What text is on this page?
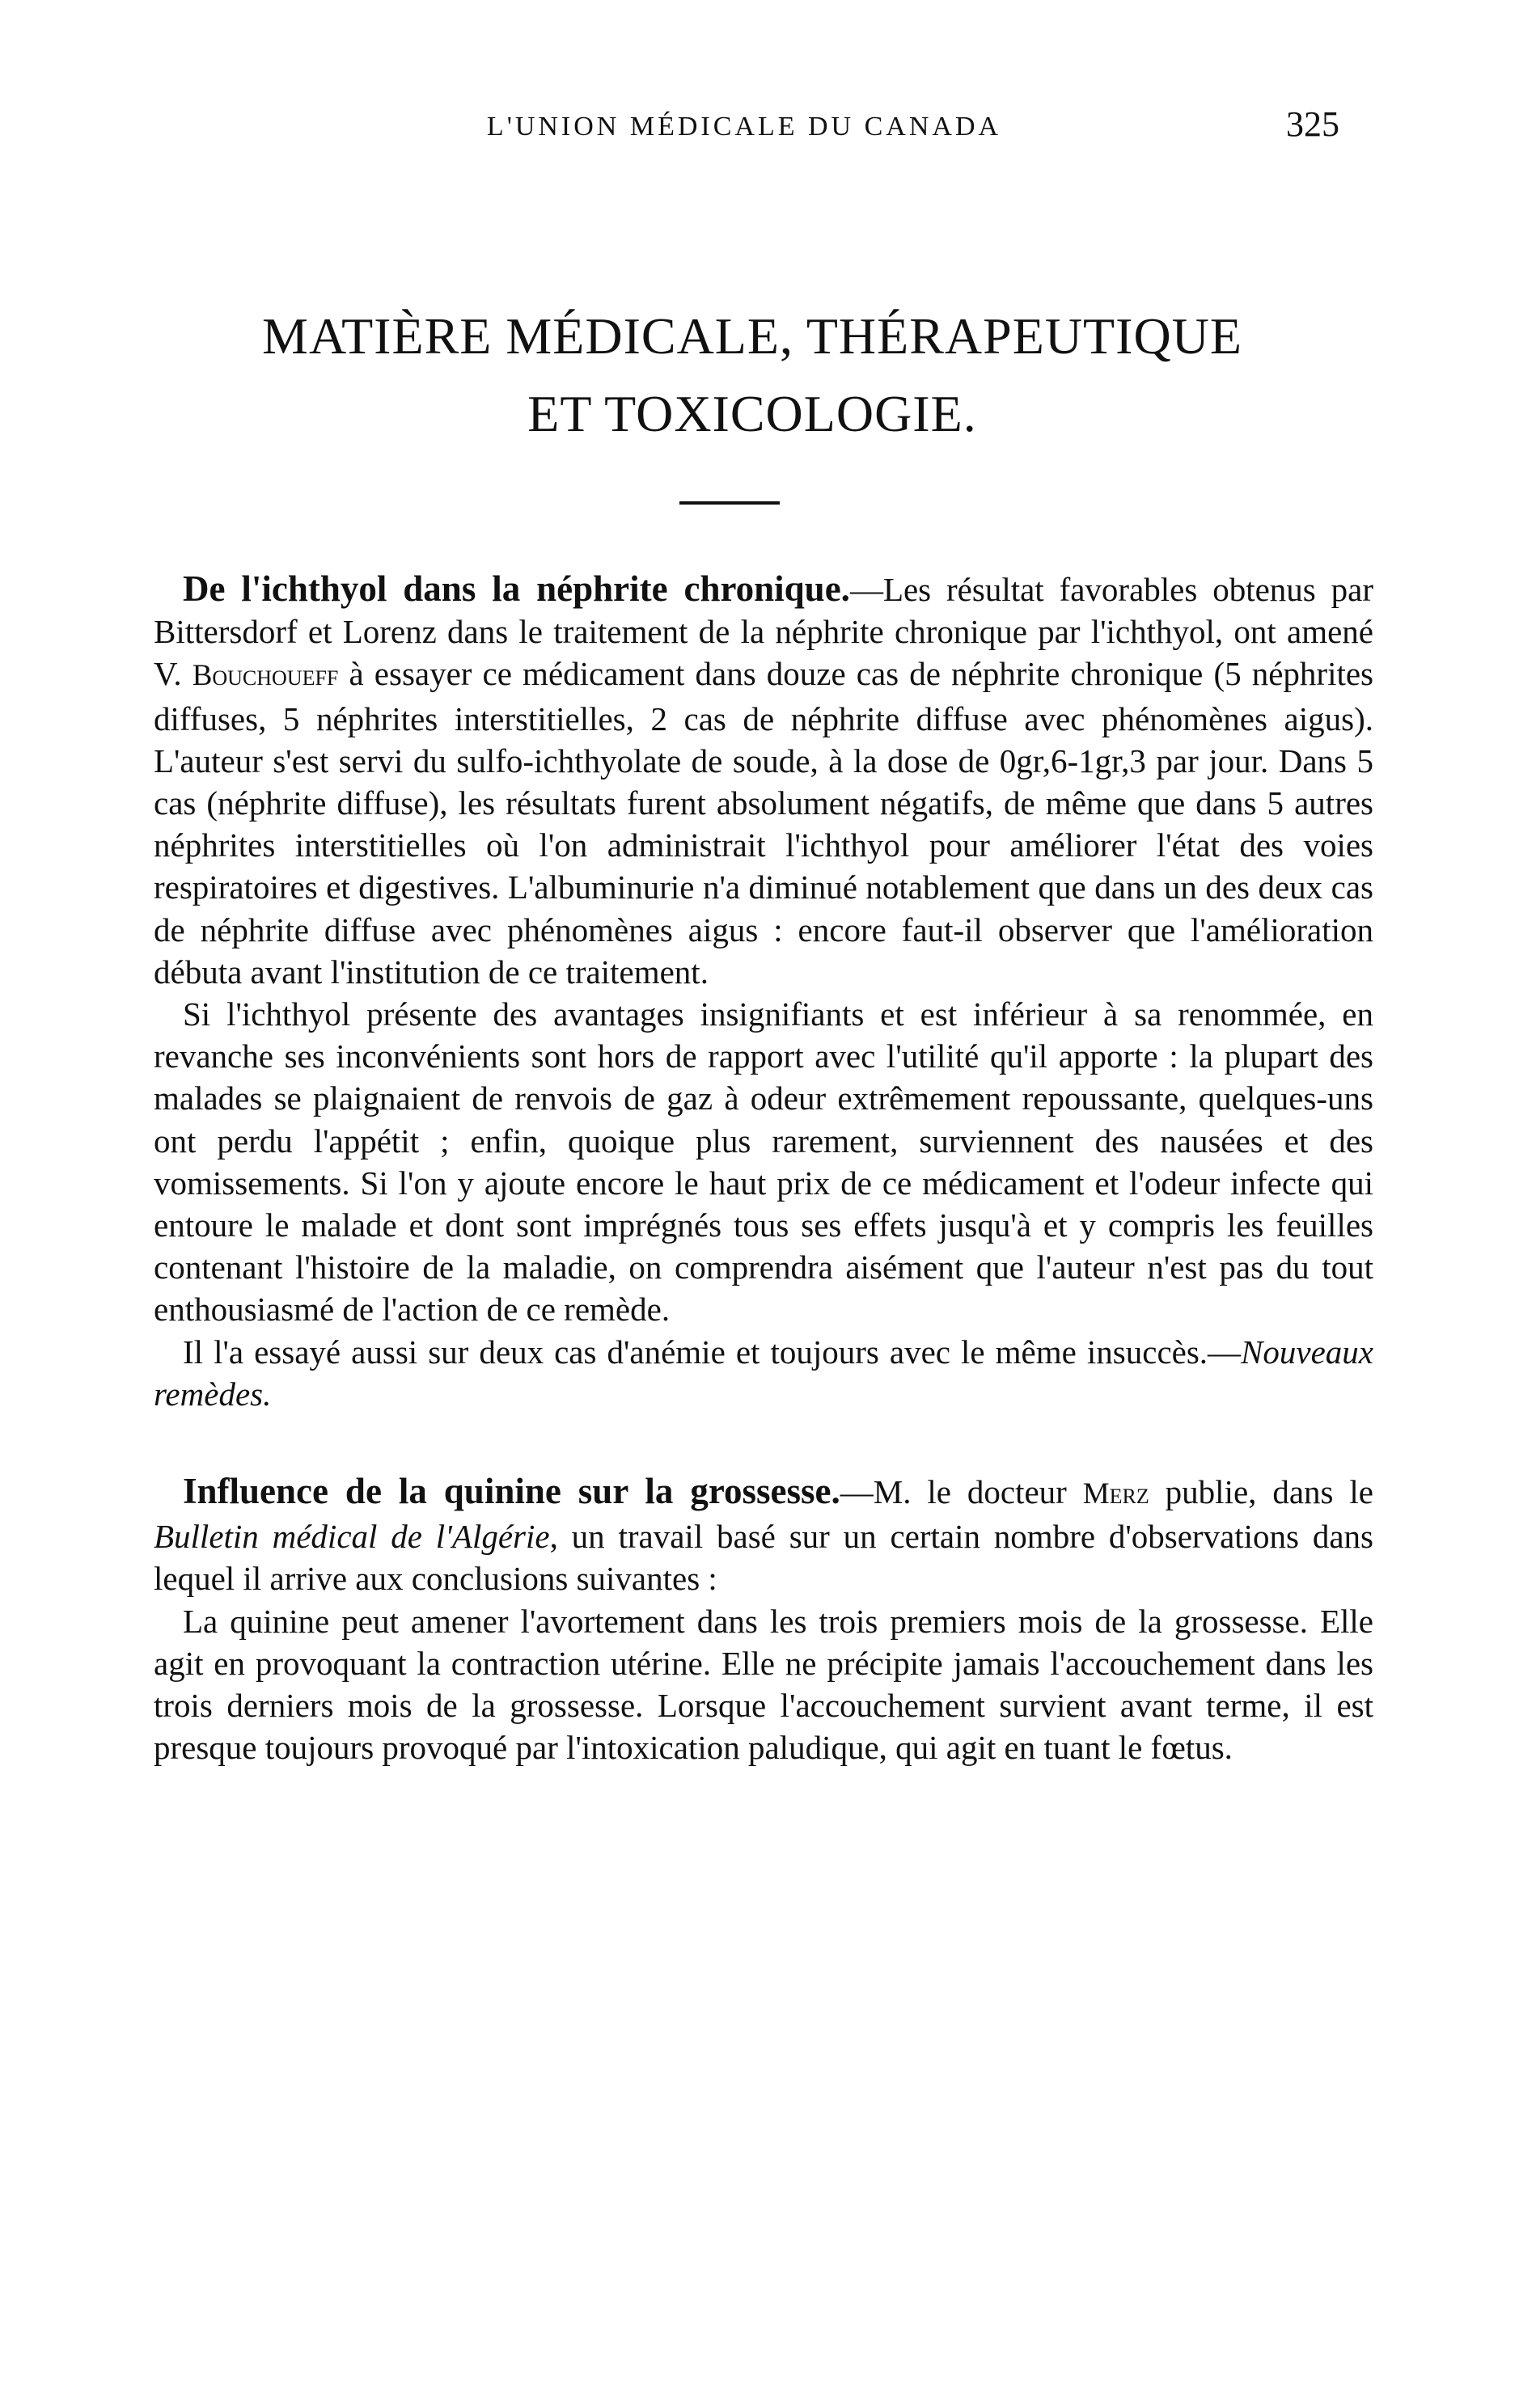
L'UNION MÉDICALE DU CANADA	325
MATIÈRE MÉDICALE, THÉRAPEUTIQUE
ET TOXICOLOGIE.

De l'ichthyol dans la néphrite chronique.—Les résultat favorables obtenus par Bittersdorf et Lorenz dans le traitement de la néphrite chronique par l'ichthyol, ont amené V. Bouchoueff à essayer ce médicament dans douze cas de néphrite chronique (5 néphrites diffuses, 5 néphrites interstitielles, 2 cas de néphrite diffuse avec phénomènes aigus). L'auteur s'est servi du sulfo-ichthyolate de soude, à la dose de 0gr,6-1gr,3 par jour. Dans 5 cas (néphrite diffuse), les résultats furent absolument négatifs, de même que dans 5 autres néphrites interstitielles où l'on administrait l'ichthyol pour améliorer l'état des voies respiratoires et digestives. L'albuminurie n'a diminué notablement que dans un des deux cas de néphrite diffuse avec phénomènes aigus : encore faut-il observer que l'amélioration débuta avant l'institution de ce traitement.

Si l'ichthyol présente des avantages insignifiants et est inférieur à sa renommée, en revanche ses inconvénients sont hors de rapport avec l'utilité qu'il apporte : la plupart des malades se plaignaient de renvois de gaz à odeur extrêmement repoussante, quelques-uns ont perdu l'appétit ; enfin, quoique plus rarement, surviennent des nausées et des vomissements. Si l'on y ajoute encore le haut prix de ce médicament et l'odeur infecte qui entoure le malade et dont sont imprégnés tous ses effets jusqu'à et y compris les feuilles contenant l'histoire de la maladie, on comprendra aisément que l'auteur n'est pas du tout enthousiasmé de l'action de ce remède.

Il l'a essayé aussi sur deux cas d'anémie et toujours avec le même insuccès.—Nouveaux remèdes.

Influence de la quinine sur la grossesse.—M. le docteur Merz publie, dans le Bulletin médical de l'Algérie, un travail basé sur un certain nombre d'observations dans lequel il arrive aux conclusions suivantes :

La quinine peut amener l'avortement dans les trois premiers mois de la grossesse. Elle agit en provoquant la contraction utérine. Elle ne précipite jamais l'accouchement dans les trois derniers mois de la grossesse. Lorsque l'accouchement survient avant terme, il est presque toujours provoqué par l'intoxication paludique, qui agit en tuant le fœtus.
